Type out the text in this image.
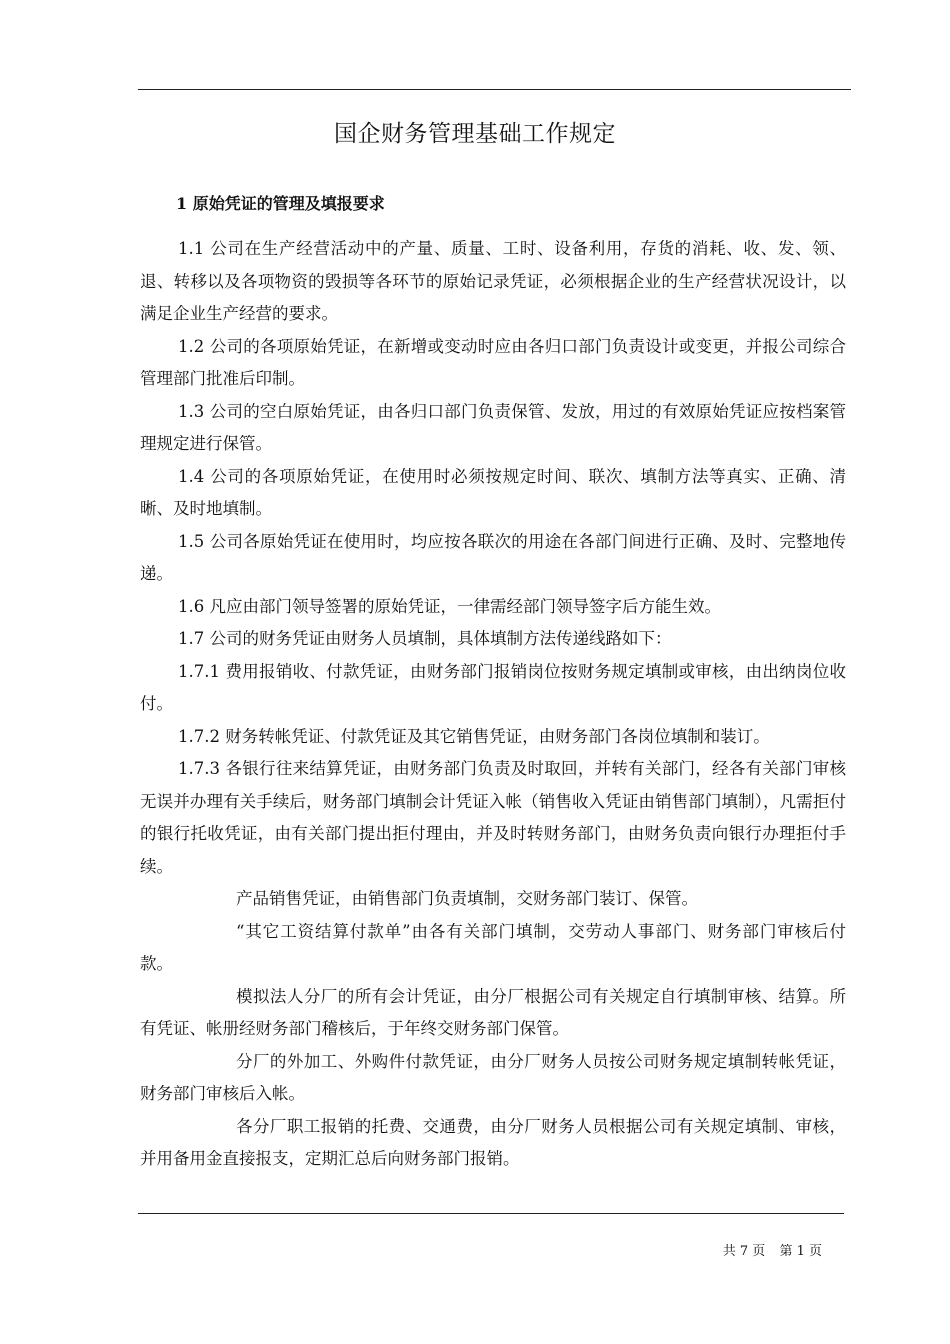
国企财务管理基础工作规定
1 原始凭证的管理及填报要求

1.1 公司在生产经营活动中的产量、质量、工时、设备利用，存货的消耗、收、发、领、退、转移以及各项物资的毁损等各环节的原始记录凭证，必须根据企业的生产经营状况设计，以满足企业生产经营的要求。

1.2 公司的各项原始凭证，在新增或变动时应由各归口部门负责设计或变更，并报公司综合管理部门批准后印制。

1.3 公司的空白原始凭证，由各归口部门负责保管、发放，用过的有效原始凭证应按档案管理规定进行保管。

1.4 公司的各项原始凭证，在使用时必须按规定时间、联次、填制方法等真实、正确、清晰、及时地填制。

1.5 公司各原始凭证在使用时，均应按各联次的用途在各部门间进行正确、及时、完整地传递。

1.6 凡应由部门领导签署的原始凭证，一律需经部门领导签字后方能生效。

1.7 公司的财务凭证由财务人员填制，具体填制方法传递线路如下：

1.7.1 费用报销收、付款凭证，由财务部门报销岗位按财务规定填制或审核，由出纳岗位收付。

1.7.2 财务转帐凭证、付款凭证及其它销售凭证，由财务部门各岗位填制和装订。

1.7.3 各银行往来结算凭证，由财务部门负责及时取回，并转有关部门，经各有关部门审核无误并办理有关手续后，财务部门填制会计凭证入帐（销售收入凭证由销售部门填制），凡需拒付的银行托收凭证，由有关部门提出拒付理由，并及时转财务部门，由财务负责向银行办理拒付手续。

产品销售凭证，由销售部门负责填制，交财务部门装订、保管。

“其它工资结算付款单”由各有关部门填制，交劳动人事部门、财务部门审核后付款。

模拟法人分厂的所有会计凭证，由分厂根据公司有关规定自行填制审核、结算。所有凭证、帐册经财务部门稽核后，于年终交财务部门保管。

分厂的外加工、外购件付款凭证，由分厂财务人员按公司财务规定填制转帐凭证，财务部门审核后入帐。

各分厂职工报销的托费、交通费，由分厂财务人员根据公司有关规定填制、审核，并用备用金直接报支，定期汇总后向财务部门报销。

共 7 页 第 1 页
